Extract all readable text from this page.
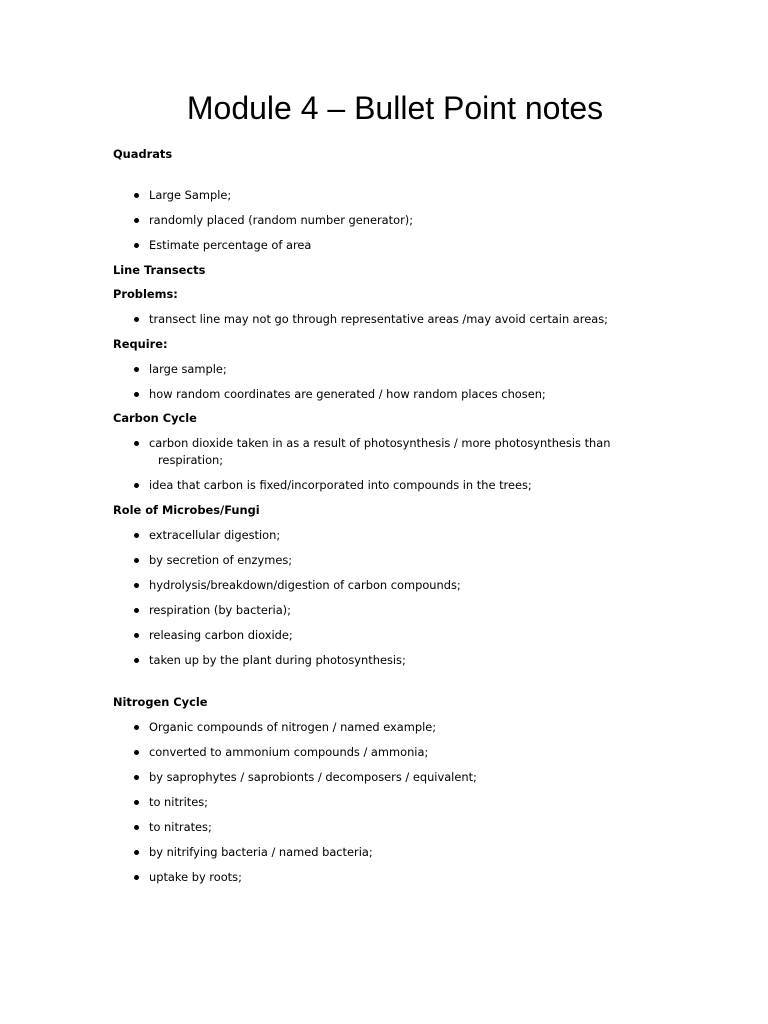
Module 4 – Bullet Point notes
Quadrats
Large Sample;
randomly placed (random number generator);
Estimate percentage of area
Line Transects
Problems:
transect line may not go through representative areas /may avoid certain areas;
Require:
large sample;
how random coordinates are generated / how random places chosen;
Carbon Cycle
carbon dioxide taken in as a result of photosynthesis / more photosynthesis than
respiration;
idea that carbon is fixed/incorporated into compounds in the trees;
Role of Microbes/Fungi
extracellular digestion;
by secretion of enzymes;
hydrolysis/breakdown/digestion of carbon compounds;
respiration (by bacteria);
releasing carbon dioxide;
taken up by the plant during photosynthesis;
Nitrogen Cycle
Organic compounds of nitrogen / named example;
converted to ammonium compounds / ammonia;
by saprophytes / saprobionts / decomposers / equivalent;
to nitrites;
to nitrates;
by nitrifying bacteria / named bacteria;
uptake by roots;
